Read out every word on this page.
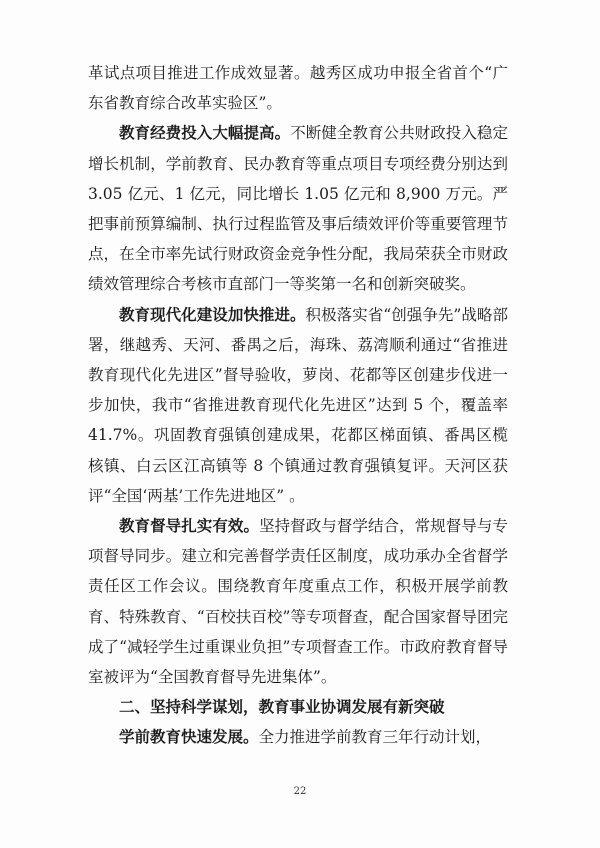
革试点项目推进工作成效显著。越秀区成功申报全省首个“广东省教育综合改革实验区”。

教育经费投入大幅提高。不断健全教育公共财政投入稳定增长机制，学前教育、民办教育等重点项目专项经费分别达到 3.05 亿元、1 亿元，同比增长 1.05 亿元和 8,900 万元。严把事前预算编制、执行过程监管及事后绩效评价等重要管理节点，在全市率先试行财政资金竞争性分配，我局荣获全市财政绩效管理综合考核市直部门一等奖第一名和创新突破奖。

教育现代化建设加快推进。积极落实省“创强争先”战略部署，继越秀、天河、番禺之后，海珠、荔湾顺利通过“省推进教育现代化先进区”督导验收，萝岗、花都等区创建步伐进一步加快，我市“省推进教育现代化先进区”达到 5 个，覆盖率 41.7%。巩固教育强镇创建成果，花都区梯面镇、番禺区榄核镇、白云区江高镇等 8 个镇通过教育强镇复评。天河区获评“全国‘两基’工作先进地区” 。

教育督导扎实有效。坚持督政与督学结合，常规督导与专项督导同步。建立和完善督学责任区制度，成功承办全省督学责任区工作会议。围绕教育年度重点工作，积极开展学前教育、特殊教育、“百校扶百校”等专项督查，配合国家督导团完成了“减轻学生过重课业负担”专项督查工作。市政府教育督导室被评为“全国教育督导先进集体”。

二、坚持科学谋划，教育事业协调发展有新突破

学前教育快速发展。全力推进学前教育三年行动计划，

22
